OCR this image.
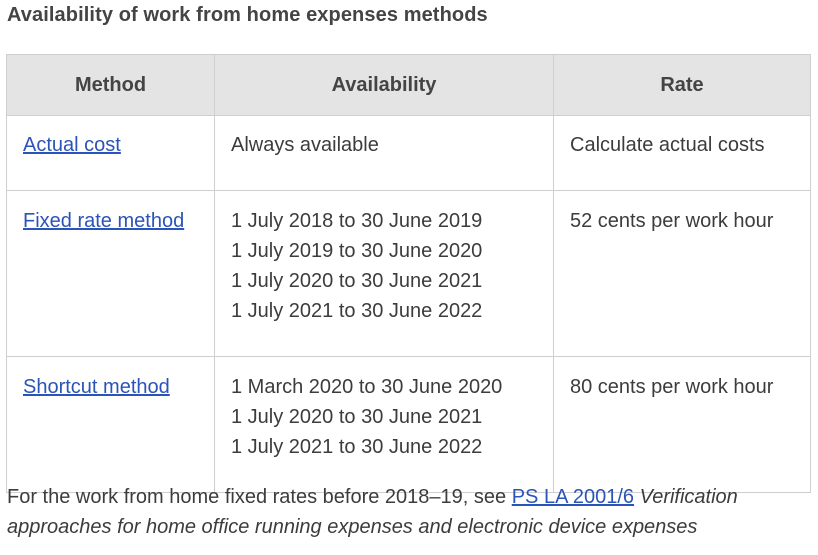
Availability of work from home expenses methods
Method	Availability	Rate
Actual cost	Always available	Calculate actual costs
Fixed rate method	1 July 2018 to 30 June 2019
1 July 2019 to 30 June 2020
1 July 2020 to 30 June 2021
1 July 2021 to 30 June 2022	52 cents per work hour
Shortcut method	1 March 2020 to 30 June 2020
1 July 2020 to 30 June 2021
1 July 2021 to 30 June 2022	80 cents per work hour
For the work from home fixed rates before 2018–19, see PS LA 2001/6 Verification approaches for home office running expenses and electronic device expenses
